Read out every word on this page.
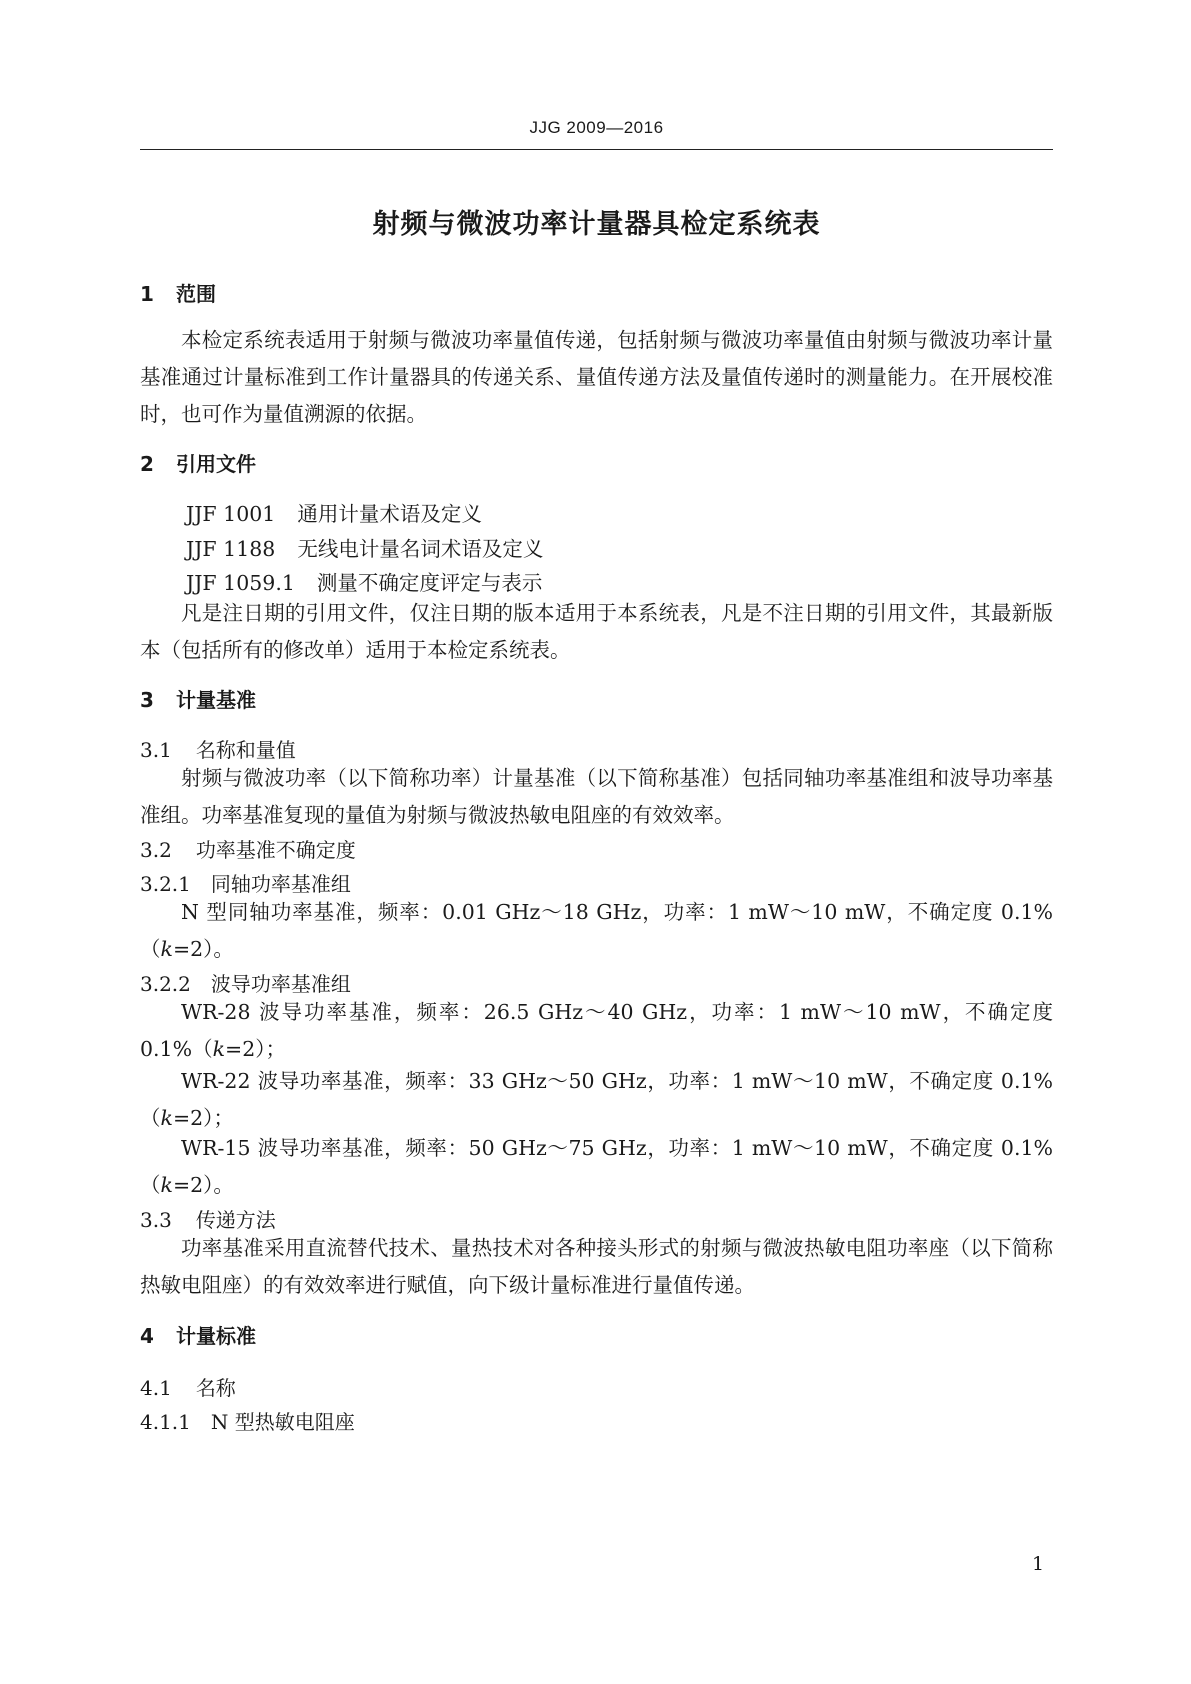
JJG 2009—2016
射频与微波功率计量器具检定系统表
1 范围
本检定系统表适用于射频与微波功率量值传递，包括射频与微波功率量值由射频与微波功率计量基准通过计量标准到工作计量器具的传递关系、量值传递方法及量值传递时的测量能力。在开展校准时，也可作为量值溯源的依据。
2 引用文件
JJF 1001 通用计量术语及定义
JJF 1188 无线电计量名词术语及定义
JJF 1059.1 测量不确定度评定与表示
凡是注日期的引用文件，仅注日期的版本适用于本系统表，凡是不注日期的引用文件，其最新版本（包括所有的修改单）适用于本检定系统表。
3 计量基准
3.1 名称和量值
射频与微波功率（以下简称功率）计量基准（以下简称基准）包括同轴功率基准组和波导功率基准组。功率基准复现的量值为射频与微波热敏电阻座的有效效率。
3.2 功率基准不确定度
3.2.1 同轴功率基准组
N 型同轴功率基准，频率：0.01 GHz～18 GHz，功率：1 mW～10 mW，不确定度 0.1%（k=2）。
3.2.2 波导功率基准组
WR-28 波导功率基准，频率：26.5 GHz～40 GHz，功率：1 mW～10 mW，不确定度 0.1%（k=2）；
WR-22 波导功率基准，频率：33 GHz～50 GHz，功率：1 mW～10 mW，不确定度 0.1%（k=2）；
WR-15 波导功率基准，频率：50 GHz～75 GHz，功率：1 mW～10 mW，不确定度 0.1%（k=2）。
3.3 传递方法
功率基准采用直流替代技术、量热技术对各种接头形式的射频与微波热敏电阻功率座（以下简称热敏电阻座）的有效效率进行赋值，向下级计量标准进行量值传递。
4 计量标准
4.1 名称
4.1.1 N 型热敏电阻座
1
